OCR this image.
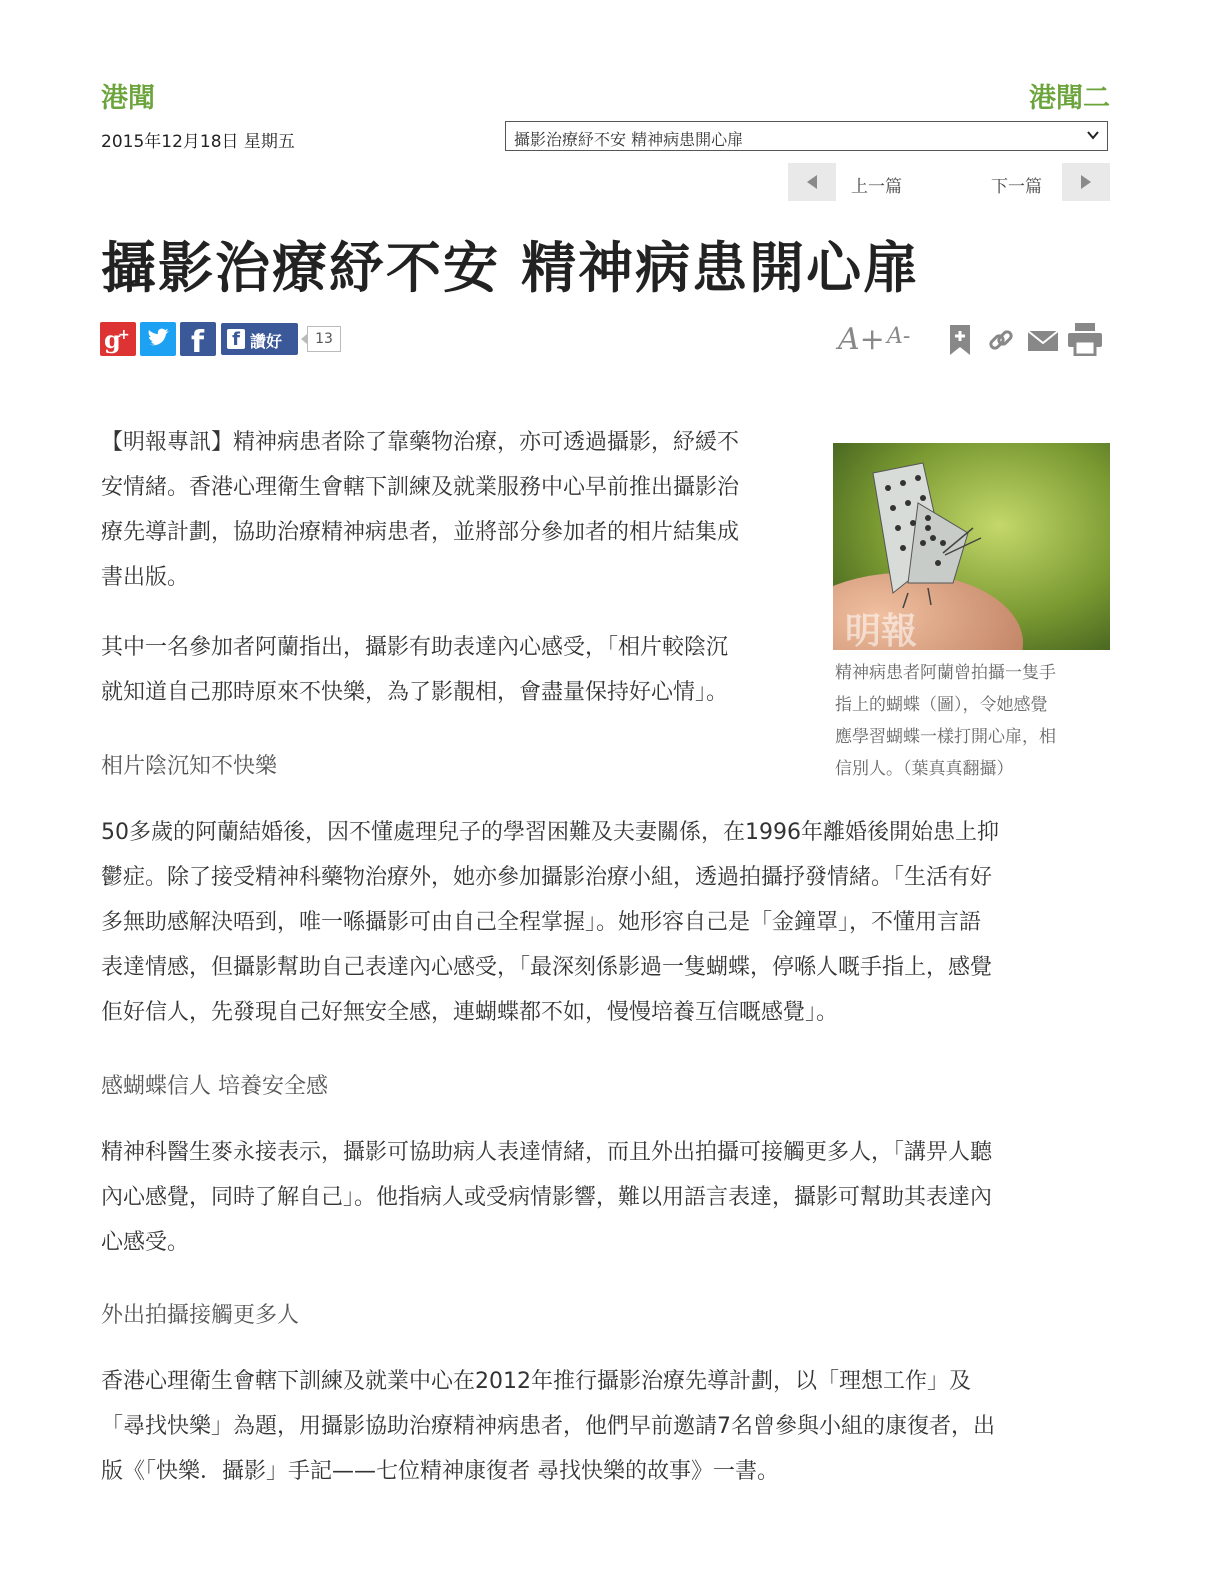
港聞	港聞二
2015年12月18日 星期五	攝影治療紓不安 精神病患開心扉
上一篇	下一篇
攝影治療紓不安 精神病患開心扉
g
+ f f 讚好	13	A+ A-
【明報專訊】精神病患者除了靠藥物治療，亦可透過攝影，紓緩不
安情緒。香港心理衛生會轄下訓練及就業服務中心早前推出攝影治
療先導計劃，協助治療精神病患者，並將部分參加者的相片結集成
書出版。
其中一名參加者阿蘭指出，攝影有助表達內心感受，「相片較陰沉
就知道自己那時原來不快樂，為了影靚相，會盡量保持好心情」。
相片陰沉知不快樂
50多歲的阿蘭結婚後，因不懂處理兒子的學習困難及夫妻關係，在1996年離婚後開始患上抑
鬱症。除了接受精神科藥物治療外，她亦參加攝影治療小組，透過拍攝抒發情緒。「生活有好
多無助感解決唔到，唯一喺攝影可由自己全程掌握」。她形容自己是「金鐘罩」，不懂用言語
表達情感，但攝影幫助自己表達內心感受，「最深刻係影過一隻蝴蝶，停喺人嘅手指上，感覺
佢好信人，先發現自己好無安全感，連蝴蝶都不如，慢慢培養互信嘅感覺」。
感蝴蝶信人 培養安全感
精神科醫生麥永接表示，攝影可協助病人表達情緒，而且外出拍攝可接觸更多人，「講畀人聽
內心感覺，同時了解自己」。他指病人或受病情影響，難以用語言表達，攝影可幫助其表達內
心感受。
外出拍攝接觸更多人
香港心理衛生會轄下訓練及就業中心在2012年推行攝影治療先導計劃，以「理想工作」及
「尋找快樂」為題，用攝影協助治療精神病患者，他們早前邀請7名曾參與小組的康復者，出
版《「快樂．攝影」手記——七位精神康復者 尋找快樂的故事》一書。
明報
精神病患者阿蘭曾拍攝一隻手
指上的蝴蝶（圖），令她感覺
應學習蝴蝶一樣打開心扉，相
信別人。（葉真真翻攝）
